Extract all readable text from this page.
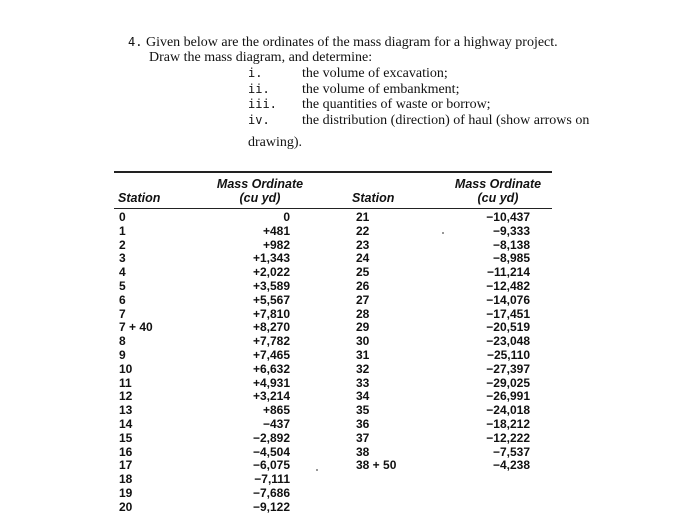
4. Given below are the ordinates of the mass diagram for a highway project.
Draw the mass diagram, and determine:
i.	the volume of excavation;
ii. the volume of embankment;
iii. the quantities of waste or borrow;
iv. the distribution (direction) of haul (show arrows on
drawing).
Station
Mass Ordinate
(cu yd)	Station
Mass Ordinate
(cu yd)
0
1
2
3
4
5
6
7
7 + 40
8
9
10
11
12
13
14
15
16
17
18
19
20
0
+481
+982
+1,343
+2,022
+3,589
+5,567
+7,810
+8,270
+7,782
+7,465
+6,632
+4,931
+3,214
+865
−437
−2,892
−4,504
−6,075
−7,111
−7,686
−9,122
21
22
23
24
25
26
27
28
29
30
31
32
33
34
35
36
37
38
38 + 50
−10,437
−9,333
−8,138
−8,985
−11,214
−12,482
−14,076
−17,451
−20,519
−23,048
−25,110
−27,397
−29,025
−26,991
−24,018
−18,212
−12,222
−7,537
−4,238
